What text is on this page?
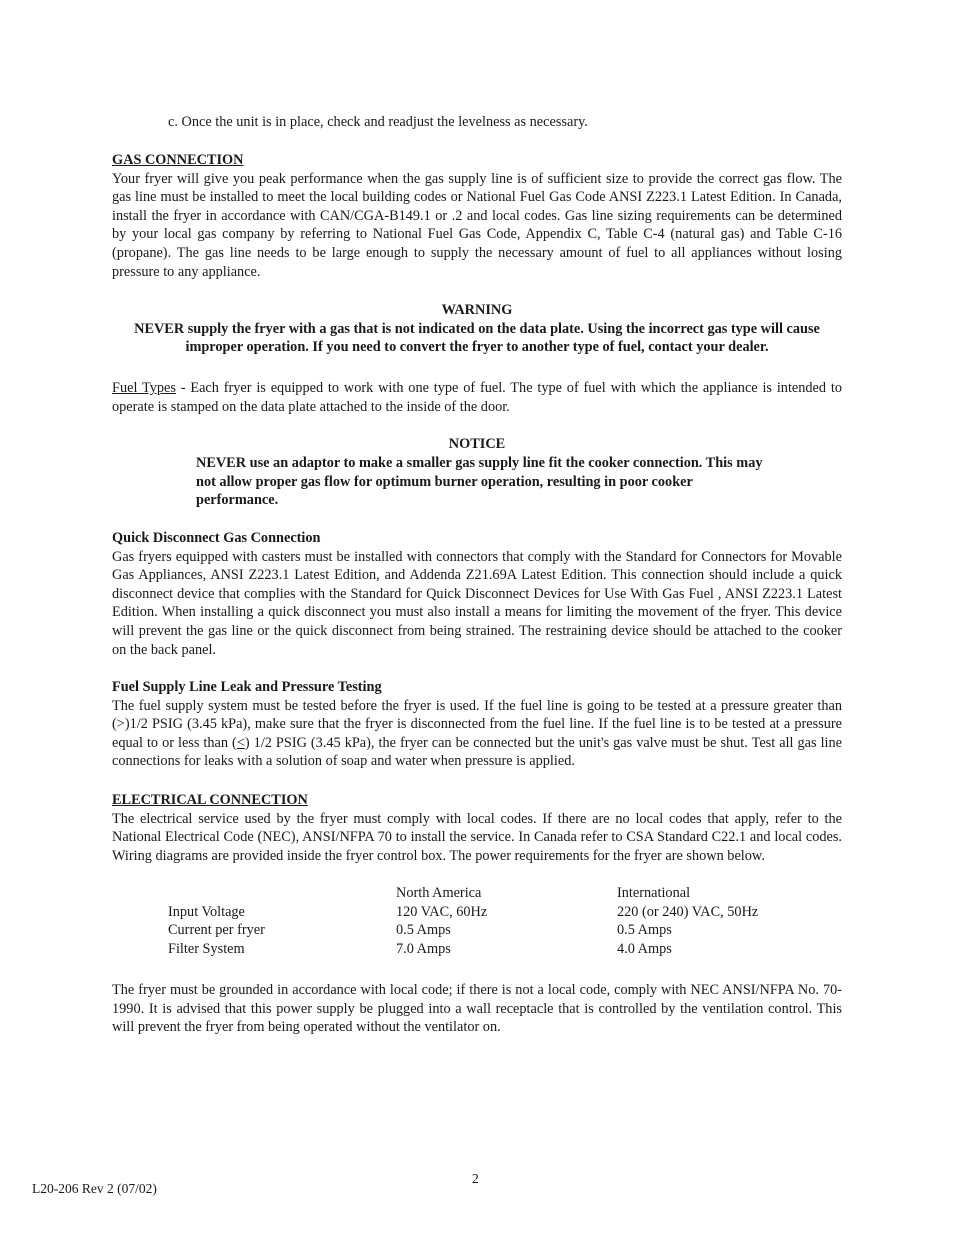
c. Once the unit is in place, check and readjust the levelness as necessary.

GAS CONNECTION

Your fryer will give you peak performance when the gas supply line is of sufficient size to provide the correct gas flow. The gas line must be installed to meet the local building codes or National Fuel Gas Code ANSI Z223.1 Latest Edition. In Canada, install the fryer in accordance with CAN/CGA-B149.1 or .2 and local codes. Gas line sizing requirements can be determined by your local gas company by referring to National Fuel Gas Code, Appendix C, Table C-4 (natural gas) and Table C-16 (propane). The gas line needs to be large enough to supply the necessary amount of fuel to all appliances without losing pressure to any appliance.

WARNING

NEVER supply the fryer with a gas that is not indicated on the data plate. Using the incorrect gas type will cause improper operation. If you need to convert the fryer to another type of fuel, contact your dealer.

Fuel Types - Each fryer is equipped to work with one type of fuel. The type of fuel with which the appliance is intended to operate is stamped on the data plate attached to the inside of the door.

NOTICE

NEVER use an adaptor to make a smaller gas supply line fit the cooker connection. This may not allow proper gas flow for optimum burner operation, resulting in poor cooker performance.

Quick Disconnect Gas Connection

Gas fryers equipped with casters must be installed with connectors that comply with the Standard for Connectors for Movable Gas Appliances, ANSI Z223.1 Latest Edition, and Addenda Z21.69A Latest Edition. This connection should include a quick disconnect device that complies with the Standard for Quick Disconnect Devices for Use With Gas Fuel , ANSI Z223.1 Latest Edition. When installing a quick disconnect you must also install a means for limiting the movement of the fryer. This device will prevent the gas line or the quick disconnect from being strained. The restraining device should be attached to the cooker on the back panel.

Fuel Supply Line Leak and Pressure Testing

The fuel supply system must be tested before the fryer is used. If the fuel line is going to be tested at a pressure greater than (>)1/2 PSIG (3.45 kPa), make sure that the fryer is disconnected from the fuel line. If the fuel line is to be tested at a pressure equal to or less than (<) 1/2 PSIG (3.45 kPa), the fryer can be connected but the unit's gas valve must be shut. Test all gas line connections for leaks with a solution of soap and water when pressure is applied.

ELECTRICAL CONNECTION

The electrical service used by the fryer must comply with local codes. If there are no local codes that apply, refer to the National Electrical Code (NEC), ANSI/NFPA 70 to install the service. In Canada refer to CSA Standard C22.1 and local codes. Wiring diagrams are provided inside the fryer control box. The power requirements for the fryer are shown below.

	North America	International
Input Voltage	120 VAC, 60Hz	220 (or 240) VAC, 50Hz
Current per fryer	0.5 Amps	0.5 Amps
Filter System	7.0 Amps	4.0 Amps

The fryer must be grounded in accordance with local code; if there is not a local code, comply with NEC ANSI/NFPA No. 70-1990. It is advised that this power supply be plugged into a wall receptacle that is controlled by the ventilation control. This will prevent the fryer from being operated without the ventilator on.

2

L20-206 Rev 2 (07/02)
